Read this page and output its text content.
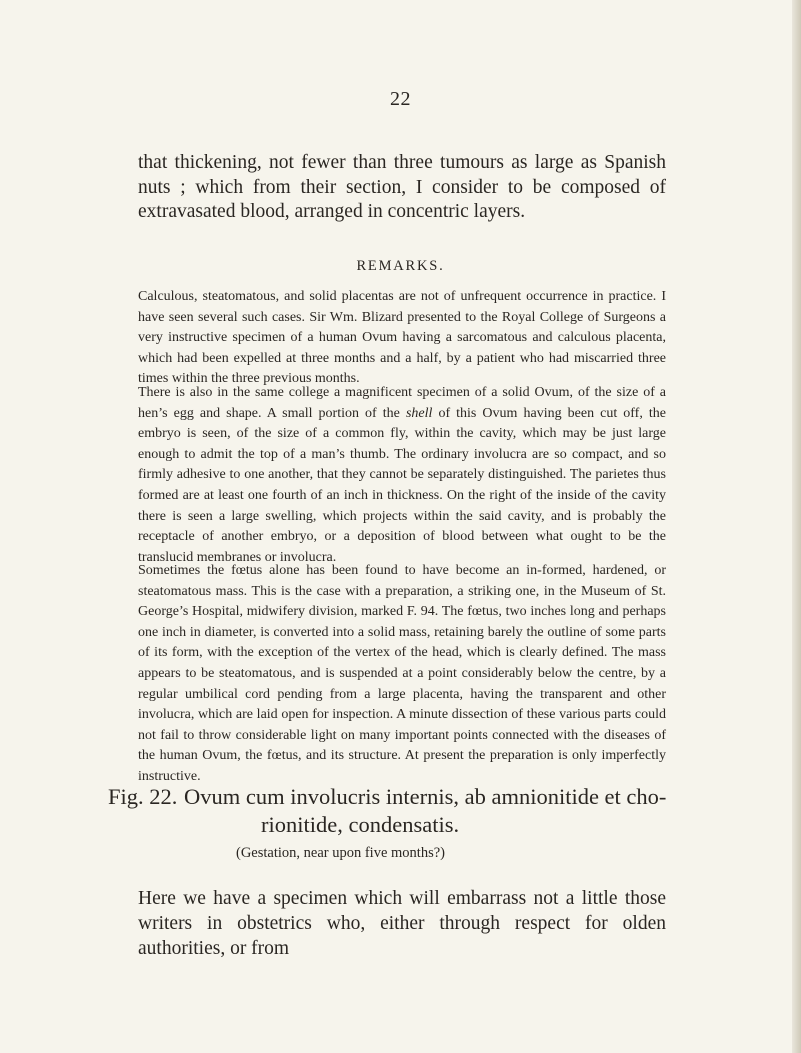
22

that thickening, not fewer than three tumours as large as Spanish nuts ; which from their section, I consider to be composed of extravasated blood, arranged in concentric layers.

REMARKS.

Calculous, steatomatous, and solid placentas are not of unfrequent occurrence in practice. I have seen several such cases. Sir Wm. Blizard presented to the Royal College of Surgeons a very instructive specimen of a human Ovum having a sarcomatous and calculous placenta, which had been expelled at three months and a half, by a patient who had miscarried three times within the three previous months.

There is also in the same college a magnificent specimen of a solid Ovum, of the size of a hen’s egg and shape. A small portion of the shell of this Ovum having been cut off, the embryo is seen, of the size of a common fly, within the cavity, which may be just large enough to admit the top of a man’s thumb. The ordinary involucra are so compact, and so firmly adhesive to one another, that they cannot be separately distinguished. The parietes thus formed are at least one fourth of an inch in thickness. On the right of the inside of the cavity there is seen a large swelling, which projects within the said cavity, and is probably the receptacle of another embryo, or a deposition of blood between what ought to be the translucid membranes or involucra.

Sometimes the fœtus alone has been found to have become an in-formed, hardened, or steatomatous mass. This is the case with a preparation, a striking one, in the Museum of St. George’s Hospital, midwifery division, marked F. 94. The fœtus, two inches long and perhaps one inch in diameter, is converted into a solid mass, retaining barely the outline of some parts of its form, with the exception of the vertex of the head, which is clearly defined. The mass appears to be steatomatous, and is suspended at a point considerably below the centre, by a regular umbilical cord pending from a large placenta, having the transparent and other involucra, which are laid open for inspection. A minute dissection of these various parts could not fail to throw considerable light on many important points connected with the diseases of the human Ovum, the fœtus, and its structure. At present the preparation is only imperfectly instructive.

Fig. 22. Ovum cum involucris internis, ab amnionitide et cho-
rionitide, condensatis.
(Gestation, near upon five months?)

Here we have a specimen which will embarrass not a little those writers in obstetrics who, either through respect for olden authorities, or from
